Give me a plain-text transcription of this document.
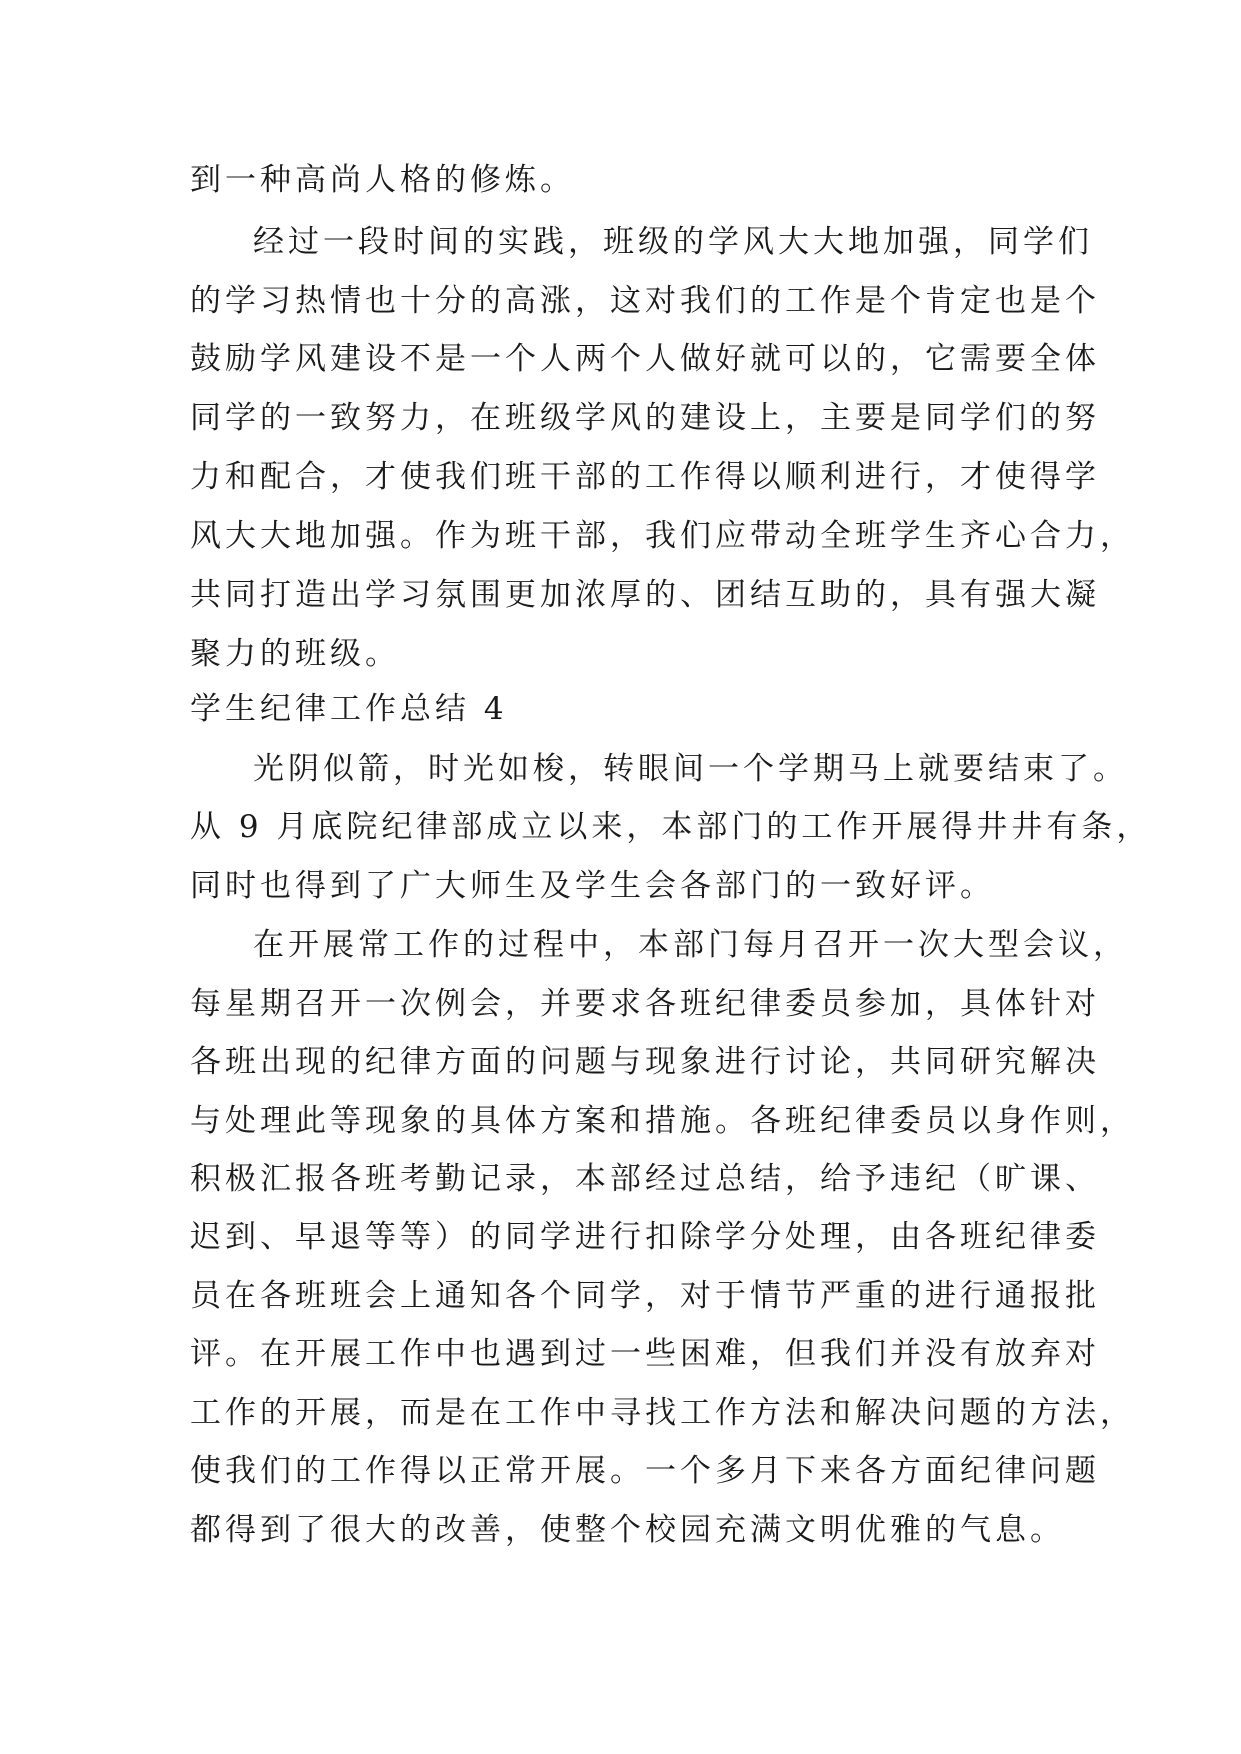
到一种高尚人格的修炼。
经过一段时间的实践，班级的学风大大地加强，同学们
的学习热情也十分的高涨，这对我们的工作是个肯定也是个
鼓励学风建设不是一个人两个人做好就可以的，它需要全体
同学的一致努力，在班级学风的建设上，主要是同学们的努
力和配合，才使我们班干部的工作得以顺利进行，才使得学
风大大地加强。作为班干部，我们应带动全班学生齐心合力，
共同打造出学习氛围更加浓厚的、团结互助的，具有强大凝
聚力的班级。
学生纪律工作总结 4
光阴似箭，时光如梭，转眼间一个学期马上就要结束了。
从 9 月底院纪律部成立以来，本部门的工作开展得井井有条，
同时也得到了广大师生及学生会各部门的一致好评。
在开展常工作的过程中，本部门每月召开一次大型会议，
每星期召开一次例会，并要求各班纪律委员参加，具体针对
各班出现的纪律方面的问题与现象进行讨论，共同研究解决
与处理此等现象的具体方案和措施。各班纪律委员以身作则，
积极汇报各班考勤记录，本部经过总结，给予违纪（旷课、
迟到、早退等等）的同学进行扣除学分处理，由各班纪律委
员在各班班会上通知各个同学，对于情节严重的进行通报批
评。在开展工作中也遇到过一些困难，但我们并没有放弃对
工作的开展，而是在工作中寻找工作方法和解决问题的方法，
使我们的工作得以正常开展。一个多月下来各方面纪律问题
都得到了很大的改善，使整个校园充满文明优雅的气息。
